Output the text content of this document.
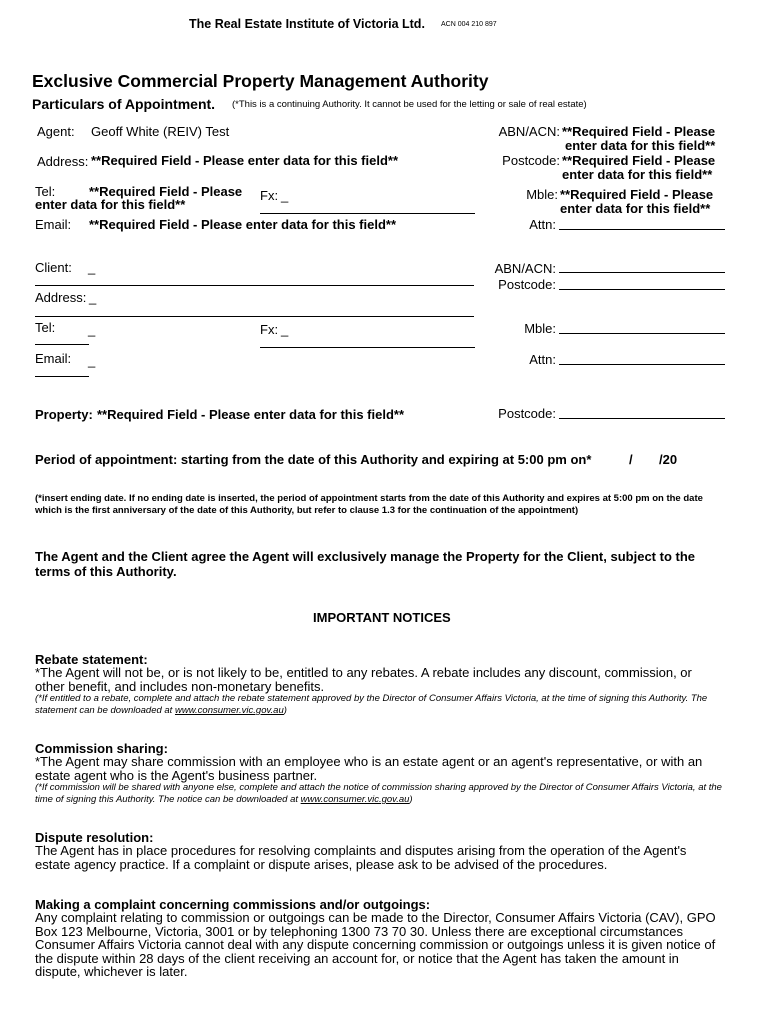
The Real Estate Institute of Victoria Ltd. ACN 004 210 897
Exclusive Commercial Property Management Authority
Particulars of Appointment. (*This is a continuing Authority. It cannot be used for the letting or sale of real estate)
Agent: Geoff White (REIV) Test
Address: **Required Field - Please enter data for this field**
Tel:	**Required Field - Please
enter data for this field**
Fx: _
Email: **Required Field - Please enter data for this field**
ABN/ACN: **Required Field - Please
enter data for this field**
Postcode: **Required Field - Please
enter data for this field**
Mble: **Required Field - Please
enter data for this field**
Attn:
Client: _
Address: _
Tel:	_	Fx: _
Email: _
ABN/ACN:
Postcode:
Mble:
Attn:
Property: **Required Field - Please enter data for this field**	Postcode:
Period of appointment: starting from the date of this Authority and expiring at 5:00 pm on*	/ /20
(*insert ending date. If no ending date is inserted, the period of appointment starts from the date of this Authority and expires at 5:00 pm on the date which is the first anniversary of the date of this Authority, but refer to clause 1.3 for the continuation of the appointment)
The Agent and the Client agree the Agent will exclusively manage the Property for the Client, subject to the terms of this Authority.
IMPORTANT NOTICES
Rebate statement:
*The Agent will not be, or is not likely to be, entitled to any rebates. A rebate includes any discount, commission, or other benefit, and includes non-monetary benefits.
(*If entitled to a rebate, complete and attach the rebate statement approved by the Director of Consumer Affairs Victoria, at the time of signing this Authority. The statement can be downloaded at www.consumer.vic.gov.au)
Commission sharing:
*The Agent may share commission with an employee who is an estate agent or an agent's representative, or with an estate agent who is the Agent's business partner.
(*If commission will be shared with anyone else, complete and attach the notice of commission sharing approved by the Director of Consumer Affairs Victoria, at the time of signing this Authority. The notice can be downloaded at www.consumer.vic.gov.au)
Dispute resolution:
The Agent has in place procedures for resolving complaints and disputes arising from the operation of the Agent's estate agency practice. If a complaint or dispute arises, please ask to be advised of the procedures.
Making a complaint concerning commissions and/or outgoings:
Any complaint relating to commission or outgoings can be made to the Director, Consumer Affairs Victoria (CAV), GPO Box 123 Melbourne, Victoria, 3001 or by telephoning 1300 73 70 30. Unless there are exceptional circumstances Consumer Affairs Victoria cannot deal with any dispute concerning commission or outgoings unless it is given notice of the dispute within 28 days of the client receiving an account for, or notice that the Agent has taken the amount in dispute, whichever is later.
